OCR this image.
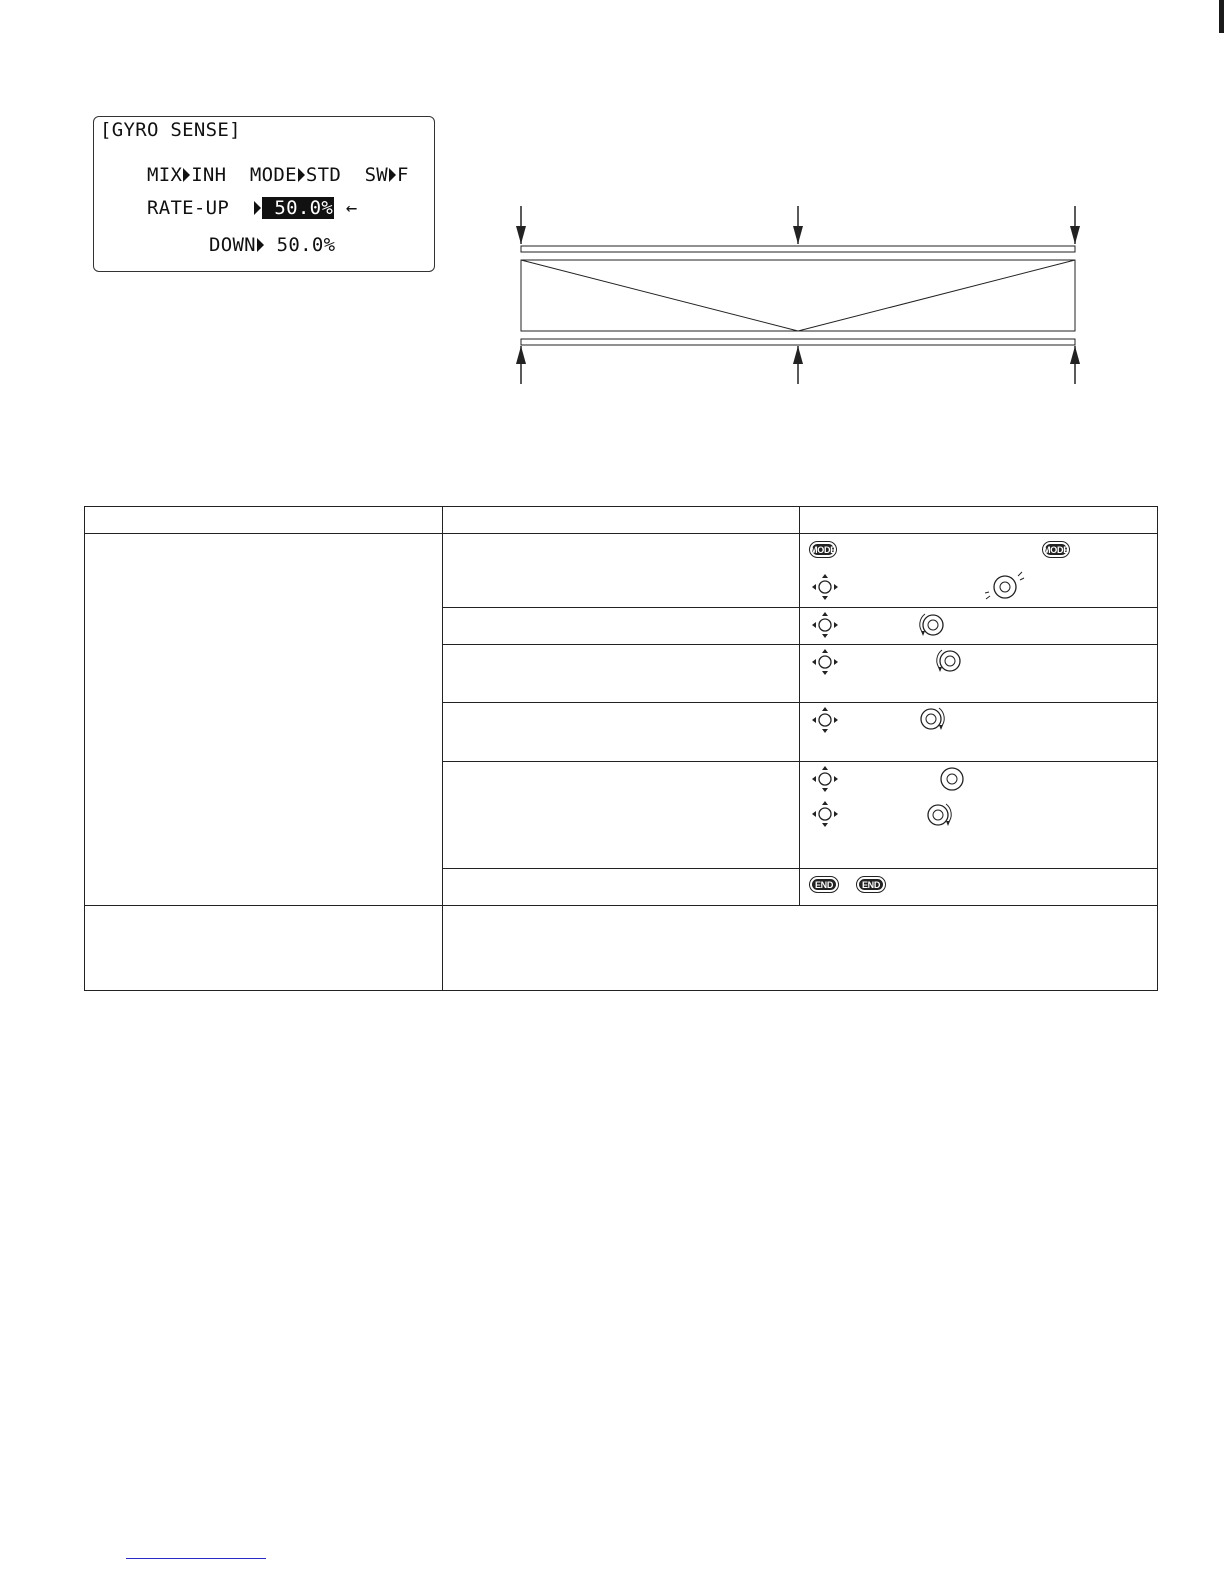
[GYRO SENSE]

MIX INH MODE STD SW F

RATE-UP   50.0% ←

DOWN 50.0%

MODE MODE

END END
